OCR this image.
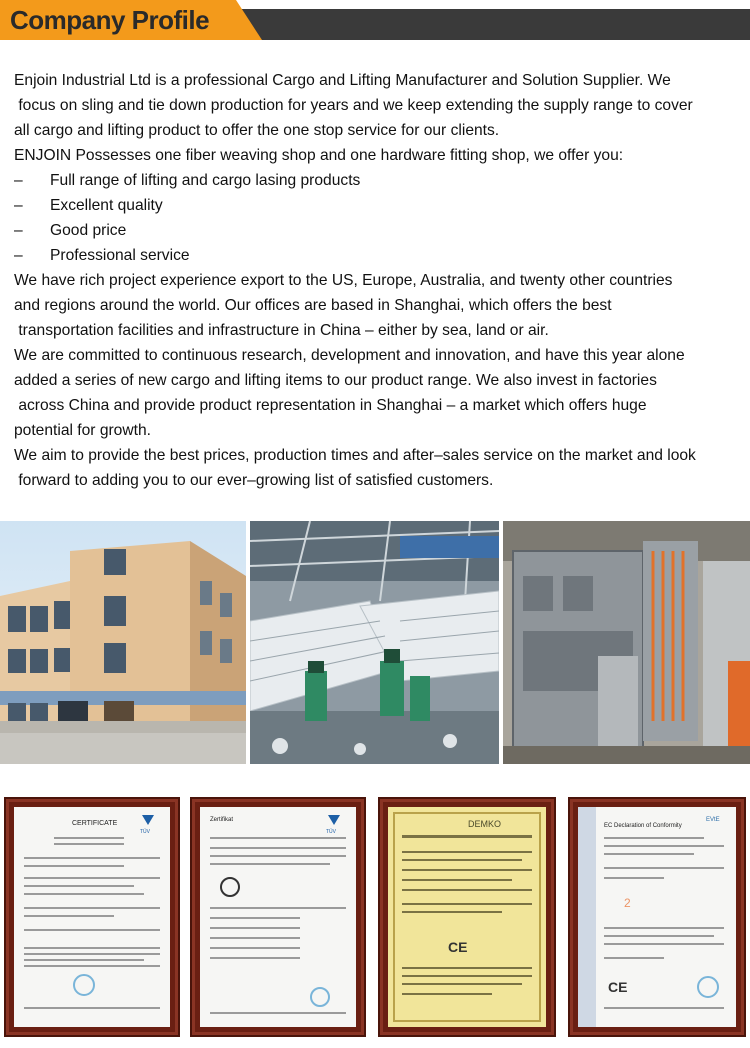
Company Profile
Enjoin Industrial Ltd is a professional Cargo and Lifting Manufacturer and Solution Supplier. We
focus on sling and tie down production for years and we keep extending the supply range to cover
all cargo and lifting product to offer the one stop service for our clients.
ENJOIN Possesses one fiber weaving shop and one hardware fitting shop, we offer you:
–	Full range of lifting and cargo lasing products
–	Excellent quality
–	Good price
–	Professional service
We have rich project experience export to the US, Europe, Australia, and twenty other countries
and regions around the world. Our offices are based in Shanghai, which offers the best
transportation facilities and infrastructure in China – either by sea, land or air.
We are committed to continuous research, development and innovation, and have this year alone
added a series of new cargo and lifting items to our product range. We also invest in factories
across China and provide product representation in Shanghai – a market which offers huge
potential for growth.
We aim to provide the best prices, production times and after–sales service on the market and look
forward to adding you to our ever–growing list of satisfied customers.
CERTIFICATE
TÜV
Zertifikat
TÜV
DEMKO
CE
EC Declaration of Conformity
EVtE
CE
2
